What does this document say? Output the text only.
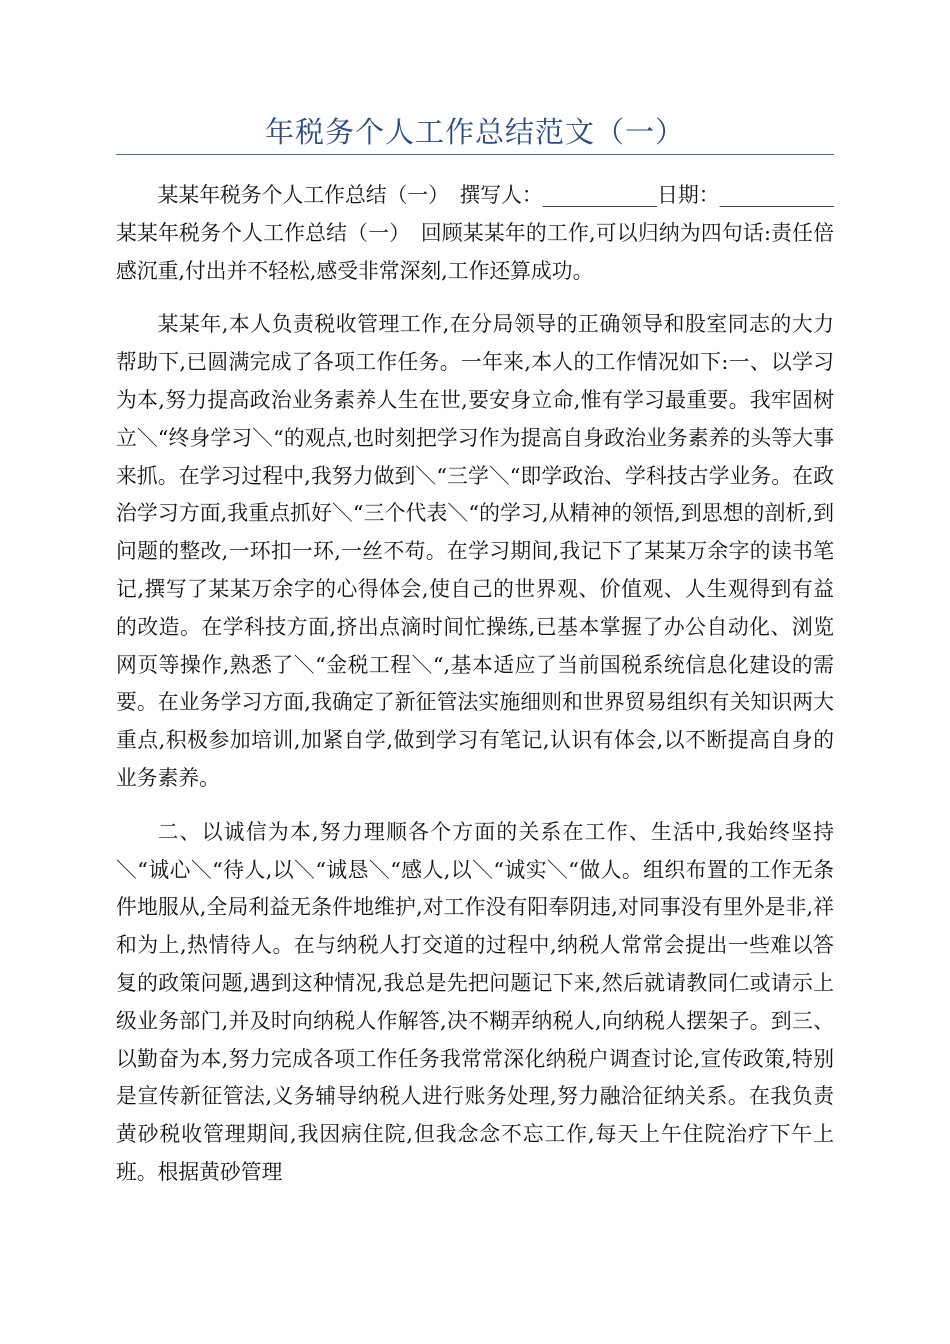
年税务个人工作总结范文（一）

某某年税务个人工作总结（一）　撰写人：___________日期：___________某某年税务个人工作总结（一）　回顾某某年的工作,可以归纳为四句话:责任倍感沉重,付出并不轻松,感受非常深刻,工作还算成功。

某某年,本人负责税收管理工作,在分局领导的正确领导和股室同志的大力帮助下,已圆满完成了各项工作任务。一年来,本人的工作情况如下:一、以学习为本,努力提高政治业务素养人生在世,要安身立命,惟有学习最重要。我牢固树立＼“终身学习＼“的观点,也时刻把学习作为提高自身政治业务素养的头等大事来抓。在学习过程中,我努力做到＼“三学＼“即学政治、学科技古学业务。在政治学习方面,我重点抓好＼“三个代表＼“的学习,从精神的领悟,到思想的剖析,到问题的整改,一环扣一环,一丝不苟。在学习期间,我记下了某某万余字的读书笔记,撰写了某某万余字的心得体会,使自己的世界观、价值观、人生观得到有益的改造。在学科技方面,挤出点滴时间忙操练,已基本掌握了办公自动化、浏览网页等操作,熟悉了＼“金税工程＼“,基本适应了当前国税系统信息化建设的需要。在业务学习方面,我确定了新征管法实施细则和世界贸易组织有关知识两大重点,积极参加培训,加紧自学,做到学习有笔记,认识有体会,以不断提高自身的业务素养。

二、以诚信为本,努力理顺各个方面的关系在工作、生活中,我始终坚持＼“诚心＼“待人,以＼“诚恳＼“感人,以＼“诚实＼“做人。组织布置的工作无条件地服从,全局利益无条件地维护,对工作没有阳奉阴违,对同事没有里外是非,祥和为上,热情待人。在与纳税人打交道的过程中,纳税人常常会提出一些难以答复的政策问题,遇到这种情况,我总是先把问题记下来,然后就请教同仁或请示上级业务部门,并及时向纳税人作解答,决不糊弄纳税人,向纳税人摆架子。到三、以勤奋为本,努力完成各项工作任务我常常深化纳税户调查讨论,宣传政策,特别是宣传新征管法,义务辅导纳税人进行账务处理,努力融洽征纳关系。在我负责黄砂税收管理期间,我因病住院,但我念念不忘工作,每天上午住院治疗下午上班。根据黄砂管理
